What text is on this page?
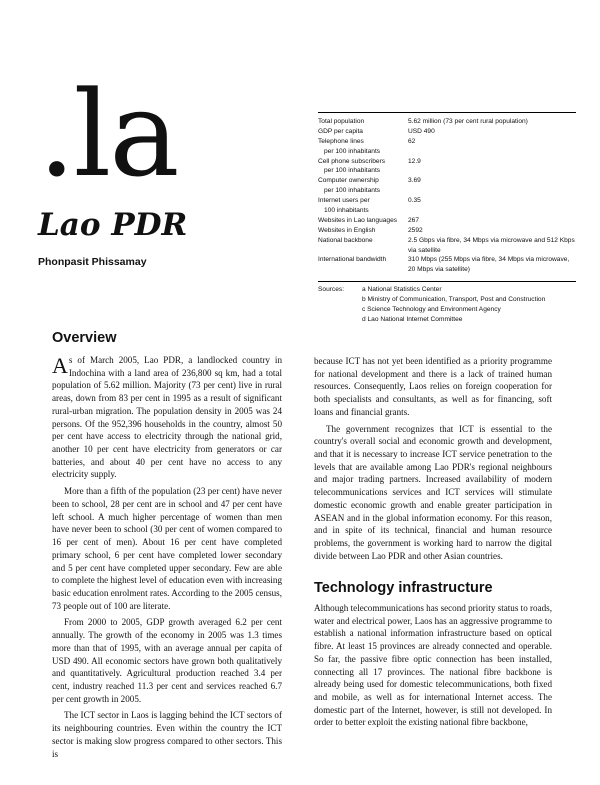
.la
Lao PDR
Phonpasit Phissamay
Total population	5.62 million (73 per cent rural population)
GDP per capita	USD 490
Telephone lines	62
per 100 inhabitants
Cell phone subscribers	12.9
per 100 inhabitants
Computer ownership	3.69
per 100 inhabitants
Internet users per	0.35
100 inhabitants
Websites in Lao languages	267
Websites in English	2592
National backbone	2.5 Gbps via fibre, 34 Mbps via microwave and 512 Kbps via satellite
International bandwidth	310 Mbps (255 Mbps via fibre, 34 Mbps via microwave, 20 Mbps via satellite)
Sources:	a National Statistics Center
b Ministry of Communication, Transport, Post and Construction
c Science Technology and Environment Agency
d Lao National Internet Committee
Overview

As of March 2005, Lao PDR, a landlocked country in Indochina with a land area of 236,800 sq km, had a total population of 5.62 million. Majority (73 per cent) live in rural areas, down from 83 per cent in 1995 as a result of significant rural-urban migration. The population density in 2005 was 24 persons. Of the 952,396 households in the country, almost 50 per cent have access to electricity through the national grid, another 10 per cent have electricity from generators or car batteries, and about 40 per cent have no access to any electricity supply.

More than a fifth of the population (23 per cent) have never been to school, 28 per cent are in school and 47 per cent have left school. A much higher percentage of women than men have never been to school (30 per cent of women compared to 16 per cent of men). About 16 per cent have completed primary school, 6 per cent have completed lower secondary and 5 per cent have completed upper secondary. Few are able to complete the highest level of education even with increasing basic education enrolment rates. According to the 2005 census, 73 people out of 100 are literate.

From 2000 to 2005, GDP growth averaged 6.2 per cent annually. The growth of the economy in 2005 was 1.3 times more than that of 1995, with an average annual per capita of USD 490. All economic sectors have grown both qualitatively and quantitatively. Agricultural production reached 3.4 per cent, industry reached 11.3 per cent and services reached 6.7 per cent growth in 2005.

The ICT sector in Laos is lagging behind the ICT sectors of its neighbouring countries. Even within the country the ICT sector is making slow progress compared to other sectors. This is

because ICT has not yet been identified as a priority programme for national development and there is a lack of trained human resources. Consequently, Laos relies on foreign cooperation for both specialists and consultants, as well as for financing, soft loans and financial grants.

The government recognizes that ICT is essential to the country's overall social and economic growth and development, and that it is necessary to increase ICT service penetration to the levels that are available among Lao PDR's regional neighbours and major trading partners. Increased availability of modern telecommunications services and ICT services will stimulate domestic economic growth and enable greater participation in ASEAN and in the global information economy. For this reason, and in spite of its technical, financial and human resource problems, the government is working hard to narrow the digital divide between Lao PDR and other Asian countries.

Technology infrastructure

Although telecommunications has second priority status to roads, water and electrical power, Laos has an aggressive programme to establish a national information infrastructure based on optical fibre. At least 15 provinces are already connected and operable. So far, the passive fibre optic connection has been installed, connecting all 17 provinces. The national fibre backbone is already being used for domestic telecommunications, both fixed and mobile, as well as for international Internet access. The domestic part of the Internet, however, is still not developed. In order to better exploit the existing national fibre backbone,
